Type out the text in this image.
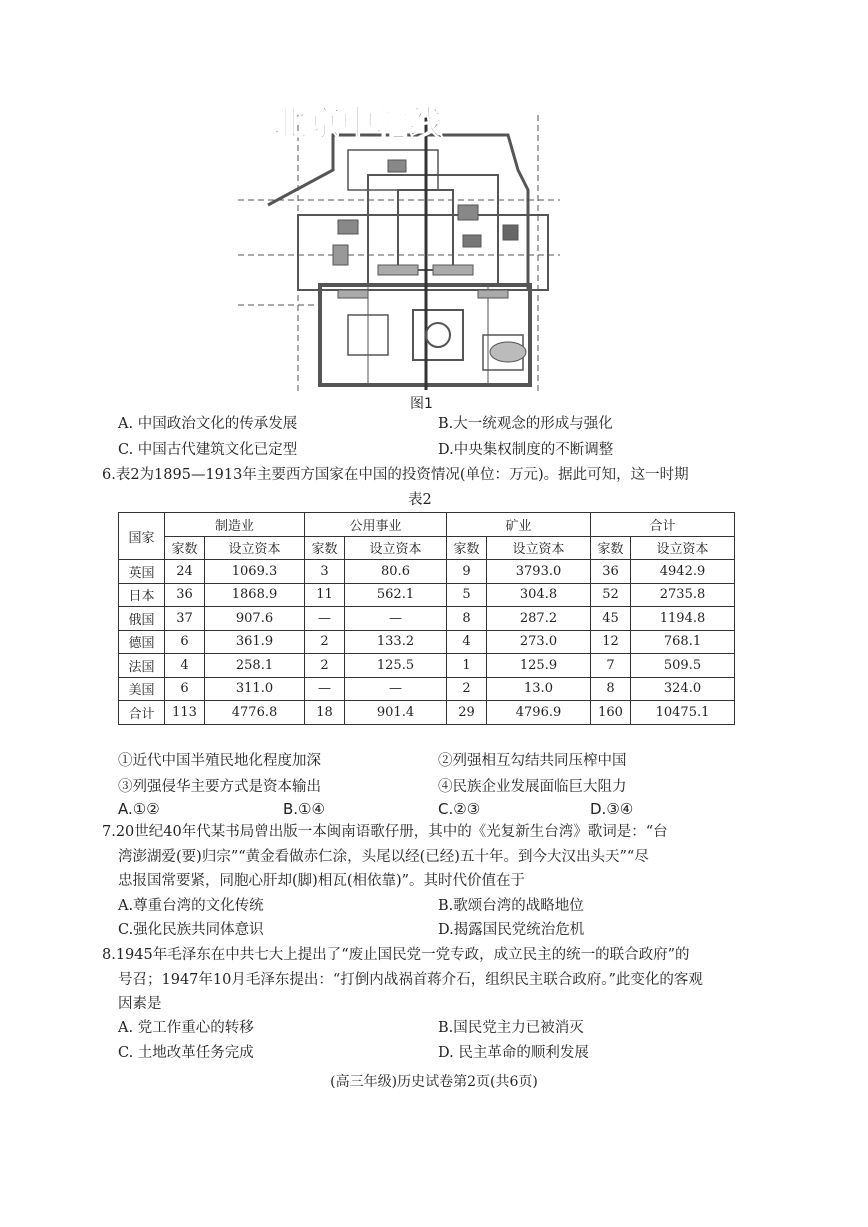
北京中轴线
图1
A. 中国政治文化的传承发展	B.大一统观念的形成与强化
C. 中国古代建筑文化已定型	D.中央集权制度的不断调整
6.表2为1895—1913年主要西方国家在中国的投资情况(单位：万元)。据此可知，这一时期
表2
国家	制造业		公用事业		矿业		合计	
	家数	设立资本	家数	设立资本	家数	设立资本	家数	设立资本
英国	24	1069.3	3	80.6	9	3793.0	36	4942.9
日本	36	1868.9	11	562.1	5	304.8	52	2735.8
俄国	37	907.6	—	—	8	287.2	45	1194.8
德国	6	361.9	2	133.2	4	273.0	12	768.1
法国	4	258.1	2	125.5	1	125.9	7	509.5
美国	6	311.0	—	—	2	13.0	8	324.0
合计	113	4776.8	18	901.4	29	4796.9	160	10475.1
①近代中国半殖民地化程度加深	②列强相互勾结共同压榨中国
③列强侵华主要方式是资本输出	④民族企业发展面临巨大阻力
A.①②	B.①④	C.②③	D.③④
7.20世纪40年代某书局曾出版一本闽南语歌仔册，其中的《光复新生台湾》歌词是：“台
湾澎湖爱(要)归宗”“黄金看做赤仁涂，头尾以经(已经)五十年。到今大汉出头天”“尽
忠报国常要紧，同胞心肝却(脚)相瓦(相依靠)”。其时代价值在于
A.尊重台湾的文化传统	B.歌颂台湾的战略地位
C.强化民族共同体意识	D.揭露国民党统治危机
8.1945年毛泽东在中共七大上提出了“废止国民党一党专政，成立民主的统一的联合政府”的
号召；1947年10月毛泽东提出：“打倒内战祸首蒋介石，组织民主联合政府。”此变化的客观
因素是
A. 党工作重心的转移	B.国民党主力已被消灭
C. 土地改革任务完成	D. 民主革命的顺利发展
(高三年级)历史试卷第2页(共6页)
